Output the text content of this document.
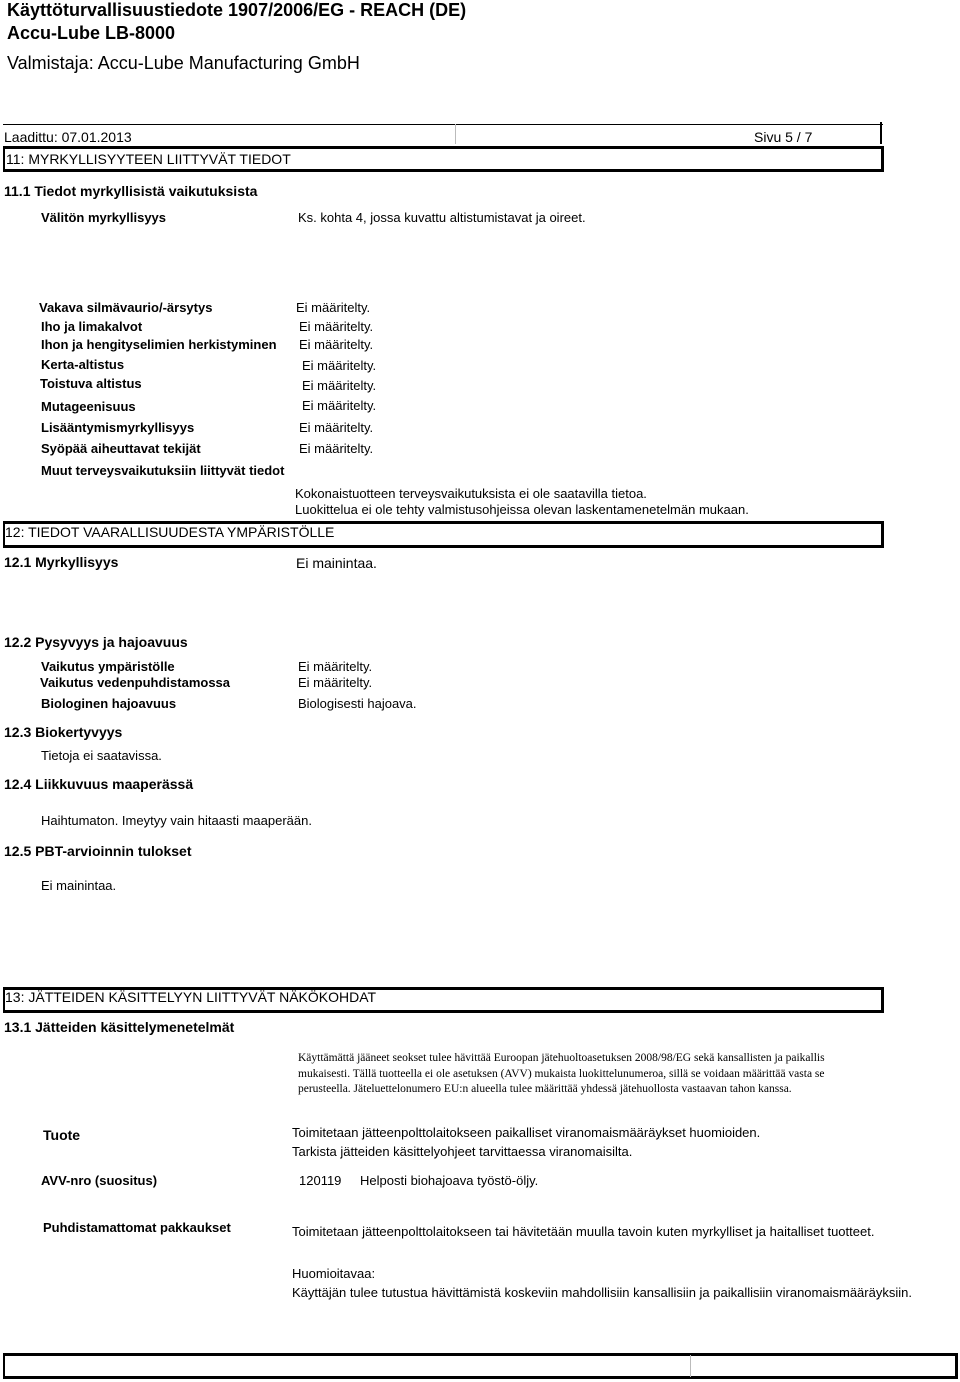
Käyttöturvallisuustiedote 1907/2006/EG - REACH (DE)
Accu-Lube LB-8000
Valmistaja: Accu-Lube Manufacturing GmbH
Laadittu: 07.01.2013	Sivu 5 / 7
11: MYRKYLLISYYTEEN LIITTYVÄT TIEDOT
11.1 Tiedot myrkyllisistä vaikutuksista
Välitön myrkyllisyys	Ks. kohta 4, jossa kuvattu altistumistavat ja oireet.
Vakava silmävaurio/-ärsytys	Ei määritelty.
Iho ja limakalvot	Ei määritelty.
Ihon ja hengityselimien herkistyminen Ei määritelty.
Kerta-altistus	Ei määritelty.
Toistuva altistus	Ei määritelty.
Mutageenisuus	Ei määritelty.
Lisääntymismyrkyllisyys	Ei määritelty.
Syöpää aiheuttavat tekijät	Ei määritelty.
Muut terveysvaikutuksiin liittyvät tiedot
Kokonaistuotteen terveysvaikutuksista ei ole saatavilla tietoa.
Luokittelua ei ole tehty valmistusohjeissa olevan laskentamenetelmän mukaan.
12: TIEDOT VAARALLISUUDESTA YMPÄRISTÖLLE
12.1 Myrkyllisyys	Ei mainintaa.
12.2 Pysyvyys ja hajoavuus
Vaikutus ympäristölle	Ei määritelty.
Vaikutus vedenpuhdistamossa	Ei määritelty.
Biologinen hajoavuus	Biologisesti hajoava.
12.3 Biokertyvyys
Tietoja ei saatavissa.
12.4 Liikkuvuus maaperässä
Haihtumaton. Imeytyy vain hitaasti maaperään.
12.5 PBT-arvioinnin tulokset
Ei mainintaa.
13: JÄTTEIDEN KÄSITTELYYN LIITTYVÄT NÄKÖKOHDAT
13.1 Jätteiden käsittelymenetelmät
Käyttämättä jääneet seokset tulee hävittää Euroopan jätehuoltoasetuksen 2008/98/EG sekä kansallisten ja paikallis
mukaisesti. Tällä tuotteella ei ole asetuksen (AVV) mukaista luokittelunumeroa, sillä se voidaan määrittää vasta se
perusteella. Jäteluettelonumero EU:n alueella tulee määrittää yhdessä jätehuollosta vastaavan tahon kanssa.
Tuote	Toimitetaan jätteenpolttolaitokseen paikalliset viranomaismääräykset huomioiden.
Tarkista jätteiden käsittelyohjeet tarvittaessa viranomaisilta.
AVV-nro (suositus)	120119 Helposti biohajoava työstö-öljy.
Puhdistamattomat pakkaukset	Toimitetaan jätteenpolttolaitokseen tai hävitetään muulla tavoin kuten myrkylliset ja haitalliset tuotteet.
Huomioitavaa:
Käyttäjän tulee tutustua hävittämistä koskeviin mahdollisiin kansallisiin ja paikallisiin viranomaismääräyksiin.
